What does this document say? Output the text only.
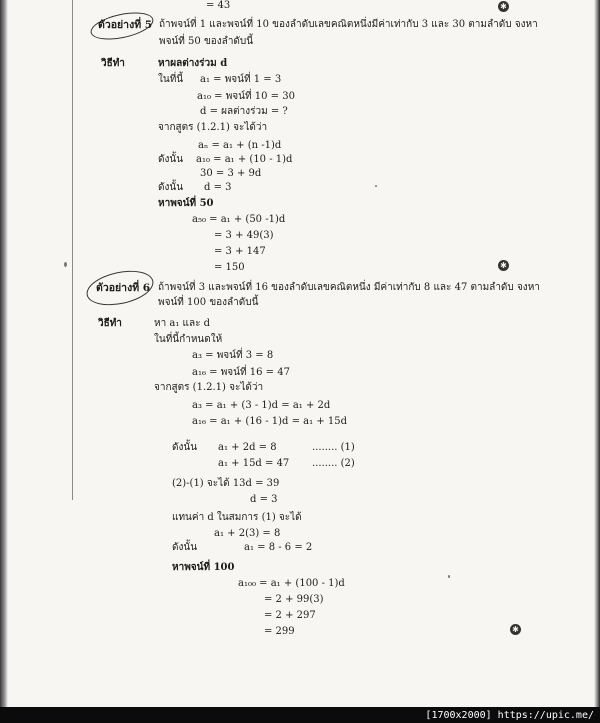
= 43	✱
ตัวอย่างที่ 5 ถ้าพจน์ที่ 1 และพจน์ที่ 10 ของลำดับเลขคณิตหนึ่งมีค่าเท่ากับ 3 และ 30 ตามลำดับ จงหา
พจน์ที่ 50 ของลำดับนี้
วิธีทำ	หาผลต่างร่วม d
ในที่นี้ a₁ = พจน์ที่ 1 = 3
a₁₀ = พจน์ที่ 10 = 30
d = ผลต่างร่วม = ?
จากสูตร (1.2.1) จะได้ว่า
aₙ = a₁ + (n -1)d
ดังนั้น a₁₀ = a₁ + (10 - 1)d
30 = 3 + 9d
ดังนั้น d = 3
หาพจน์ที่ 50
a₅₀ = a₁ + (50 -1)d
= 3 + 49(3)
= 3 + 147
= 150	✱
ตัวอย่างที่ 6 ถ้าพจน์ที่ 3 และพจน์ที่ 16 ของลำดับเลขคณิตหนึ่ง มีค่าเท่ากับ 8 และ 47 ตามลำดับ จงหา
พจน์ที่ 100 ของลำดับนี้
วิธีทำ	หา a₁ และ d
ในที่นี้กำหนดให้
a₃ = พจน์ที่ 3 = 8
a₁₆ = พจน์ที่ 16 = 47
จากสูตร (1.2.1) จะได้ว่า
a₃ = a₁ + (3 - 1)d = a₁ + 2d
a₁₆ = a₁ + (16 - 1)d = a₁ + 15d
ดังนั้น a₁ + 2d = 8	........ (1)
a₁ + 15d = 47 ........ (2)
(2)-(1) จะได้ 13d = 39
d = 3
แทนค่า d ในสมการ (1) จะได้
a₁ + 2(3) = 8
ดังนั้น	a₁ = 8 - 6 = 2
หาพจน์ที่ 100
a₁₀₀ = a₁ + (100 - 1)d
= 2 + 99(3)
= 2 + 297
= 299	✱
[1700x2000] https://upic.me/
